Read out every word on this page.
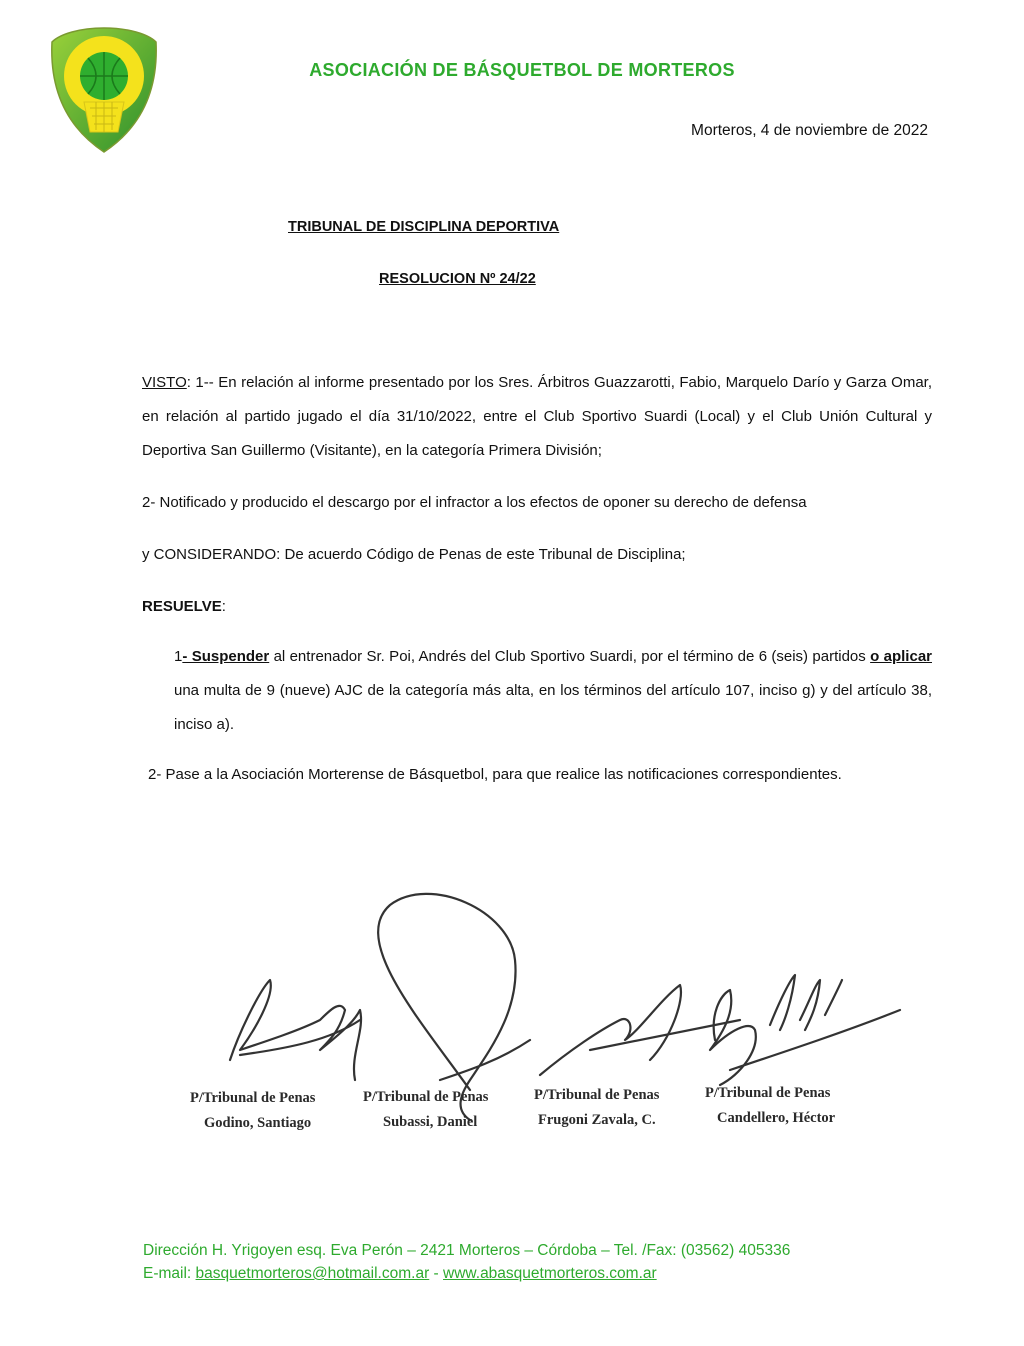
ASOCIACIÓN DE BÁSQUETBOL DE MORTEROS
Morteros, 4 de noviembre de 2022
TRIBUNAL DE DISCIPLINA DEPORTIVA
RESOLUCION Nº 24/22

VISTO: 1-- En relación al informe presentado por los Sres. Árbitros Guazzarotti, Fabio, Marquelo Darío y Garza Omar, en relación al partido jugado el día 31/10/2022, entre el Club Sportivo Suardi (Local) y el Club Unión Cultural y Deportiva San Guillermo (Visitante), en la categoría Primera División;

2- Notificado y producido el descargo por el infractor a los efectos de oponer su derecho de defensa

y CONSIDERANDO: De acuerdo Código de Penas de este Tribunal de Disciplina;

RESUELVE:

1- Suspender al entrenador Sr. Poi, Andrés del Club Sportivo Suardi, por el término de 6 (seis) partidos o aplicar una multa de 9 (nueve) AJC de la categoría más alta, en los términos del artículo 107, inciso g) y del artículo 38, inciso a).

2- Pase a la Asociación Morterense de Básquetbol, para que realice las notificaciones correspondientes.

P/Tribunal de Penas
Godino, Santiago
P/Tribunal de Penas
Subassi, Daniel
P/Tribunal de Penas
Frugoni Zavala, C.
P/Tribunal de Penas
Candellero, Héctor
Dirección H. Yrigoyen esq. Eva Perón – 2421 Morteros – Córdoba – Tel. /Fax: (03562) 405336
E-mail: basquetmorteros@hotmail.com.ar - www.abasquetmorteros.com.ar
